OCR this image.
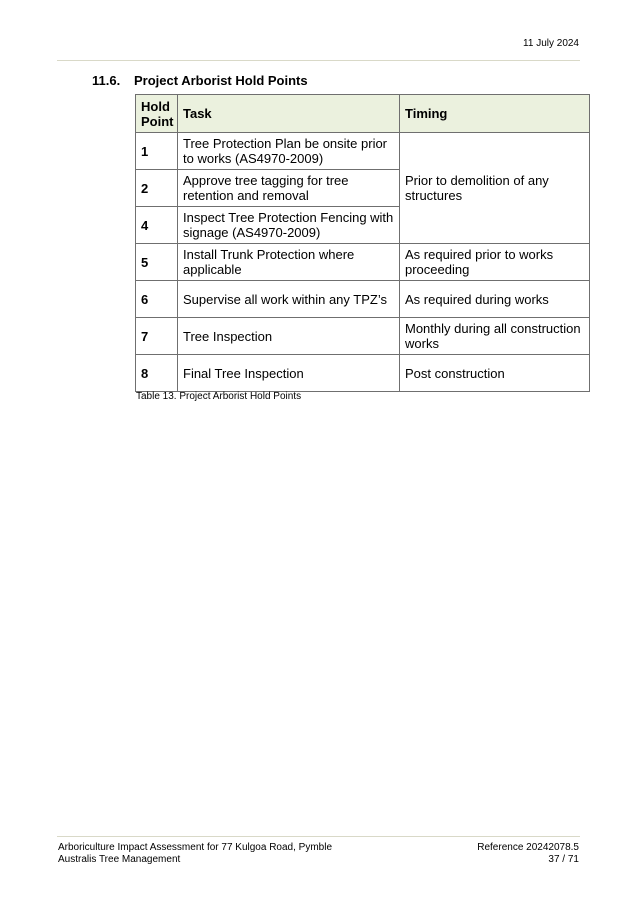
11 July 2024
11.6. Project Arborist Hold Points
Hold Point	Task	Timing
1	Tree Protection Plan be onsite prior to works (AS4970-2009)	Prior to demolition of any structures
2	Approve tree tagging for tree retention and removal	
4	Inspect Tree Protection Fencing with signage (AS4970-2009)	
5	Install Trunk Protection where applicable	As required prior to works proceeding
6	Supervise all work within any TPZ’s	As required during works
7	Tree Inspection	Monthly during all construction works
8	Final Tree Inspection	Post construction
Table 13. Project Arborist Hold Points
Arboriculture Impact Assessment for 77 Kulgoa Road, Pymble
Australis Tree Management
Reference 20242078.5
37 / 71
